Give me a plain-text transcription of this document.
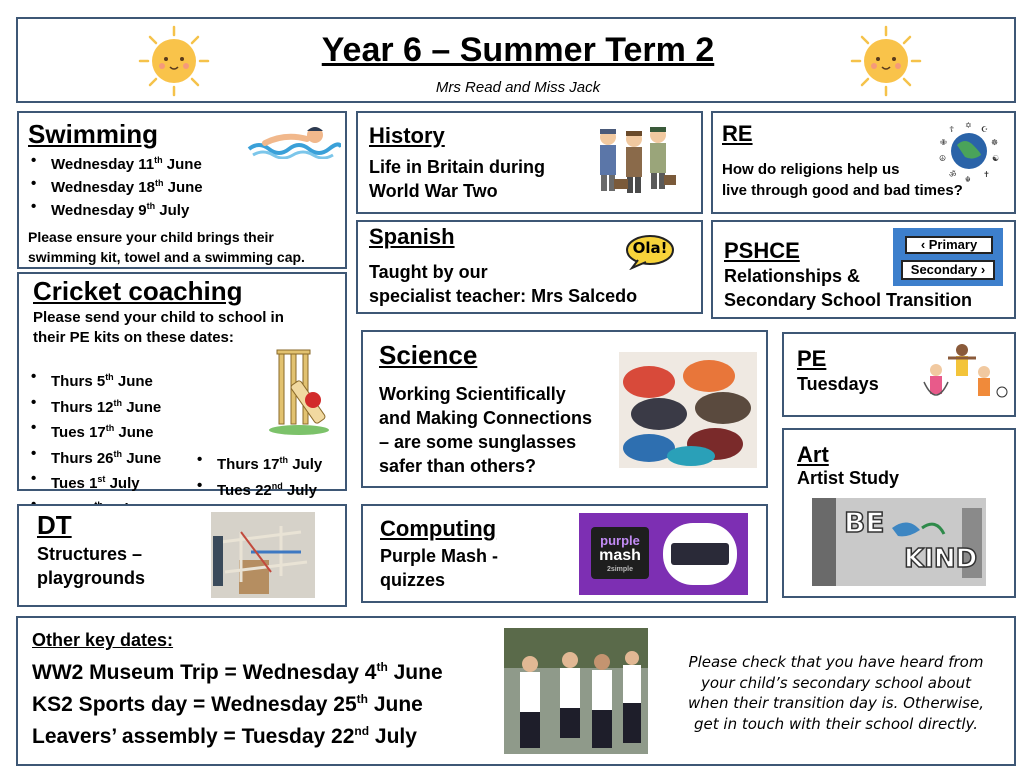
Year 6 – Summer Term 2
Mrs Read and Miss Jack
Swimming
• Wednesday 11th June
• Wednesday 18th June
• Wednesday 9th July
Please ensure your child brings their
swimming kit, towel and a swimming cap.
Cricket coaching
Please send your child to school in
their PE kits on these dates:
• Thurs 5th June
• Thurs 12th June
• Tues 17th June
• Thurs 26th June
• Tues 1st July
•
• Thurs 17th July
• Tues 22nd July
DT
Structures –
playgrounds
History
Life in Britain during
World War Two
Spanish
Taught by our
specialist teacher: Mrs Salcedo
Ola!
RE
How do religions help us
live through good and bad times?
✡ ☪
☸
☯
✝
☬
ॐ
☮
✙
☦
PSHCE
Relationships &
Secondary School Transition
‹ Primary
Secondary ›
Science
Working Scientifically
and Making Connections
– are some sunglasses
safer than others?
Computing
Purple Mash -
quizzes
purple
mash
2simple
PE
Tuesdays
Art
Artist Study
BE
KIND
Other key dates:
WW2 Museum Trip = Wednesday 4th June
KS2 Sports day = Wednesday 25th June
Leavers’ assembly = Tuesday 22nd July
Please check that you have heard from
your child’s secondary school about
when their transition day is. Otherwise,
get in touch with their school directly.
